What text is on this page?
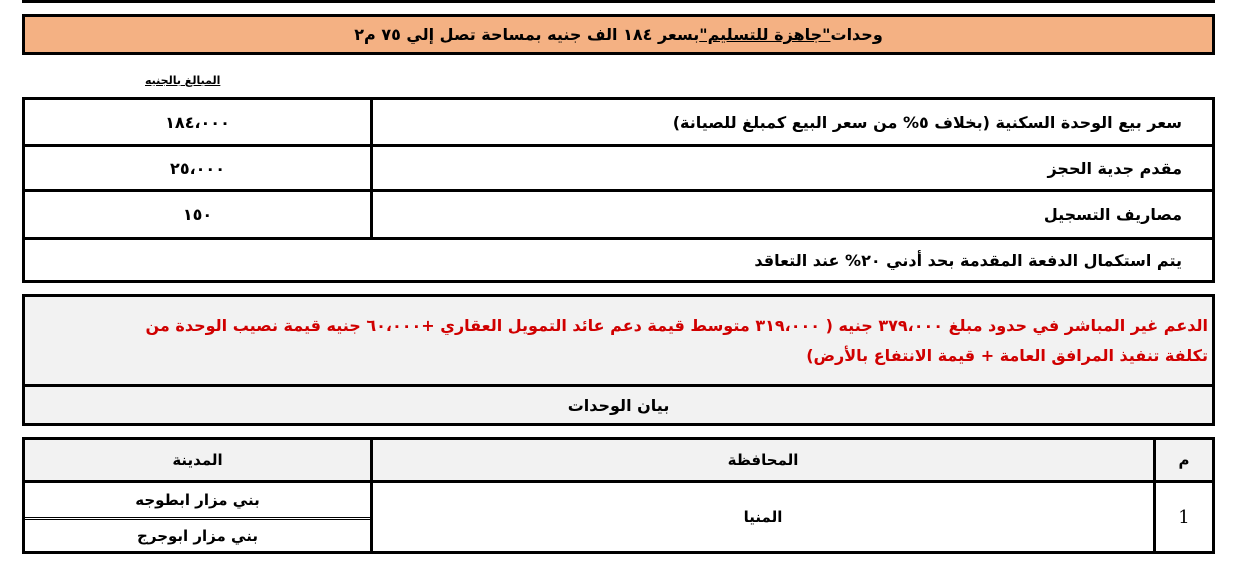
وحدات
"جاهزة للتسليم"
بسعر ١٨٤ الف جنيه بمساحة تصل إلي ٧٥ م٢
المبالغ بالجنيه
سعر بيع الوحدة السكنية (بخلاف ٥% من سعر البيع كمبلغ للصيانة)
١٨٤،٠٠٠
مقدم جدية الحجز
٢٥،٠٠٠
مصاريف التسجيل
١٥٠
يتم استكمال الدفعة المقدمة بحد أدني ٢٠% عند التعاقد
الدعم غير المباشر في حدود مبلغ ٣٧٩،٠٠٠ جنيه ( ٣١٩،٠٠٠ متوسط قيمة دعم عائد التمويل العقاري +٦٠،٠٠٠ جنيه قيمة نصيب الوحدة من
تكلفة تنفيذ المرافق العامة + قيمة الانتفاع بالأرض)
بيان الوحدات
م
المحافظة
المدينة
1
المنيا
بني مزار ابطوجه
بني مزار ابوجرج
